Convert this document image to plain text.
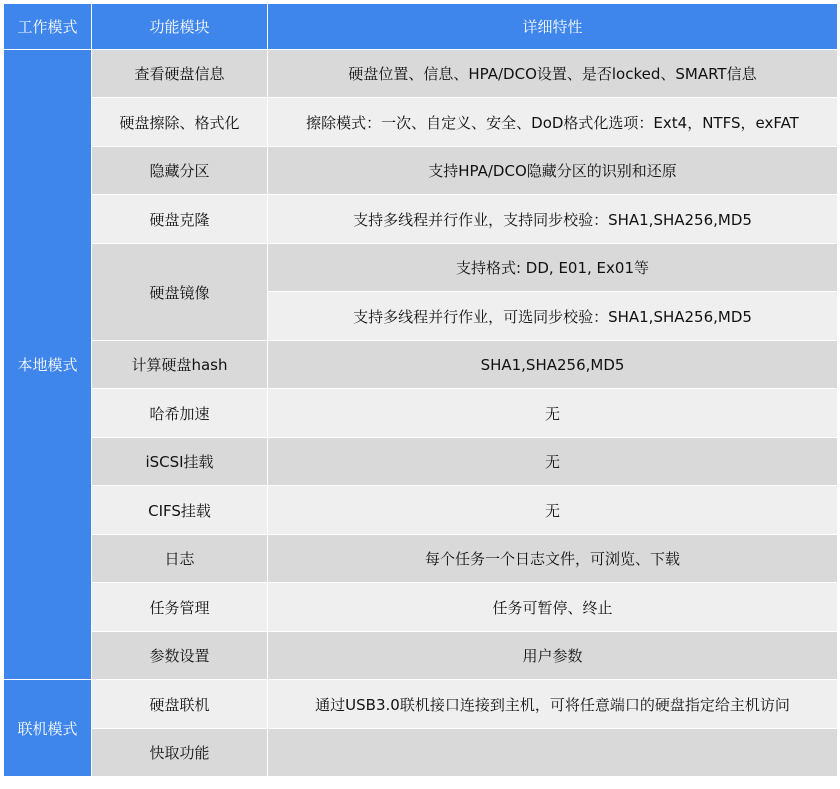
工作模式	功能模块	详细特性
本地模式	查看硬盘信息	硬盘位置、信息、HPA/DCO设置、是否locked、SMART信息
	硬盘擦除、格式化	擦除模式：一次、自定义、安全、DoD格式化选项：Ext4，NTFS，exFAT
	隐藏分区	支持HPA/DCO隐藏分区的识别和还原
	硬盘克隆	支持多线程并行作业，支持同步校验：SHA1,SHA256,MD5
	硬盘镜像	支持格式: DD, E01, Ex01等
		支持多线程并行作业，可选同步校验：SHA1,SHA256,MD5
	计算硬盘hash	SHA1,SHA256,MD5
	哈希加速	无
	iSCSI挂载	无
	CIFS挂载	无
	日志	每个任务一个日志文件，可浏览、下载
	任务管理	任务可暂停、终止
	参数设置	用户参数
联机模式	硬盘联机	通过USB3.0联机接口连接到主机，可将任意端口的硬盘指定给主机访问
	快取功能	
